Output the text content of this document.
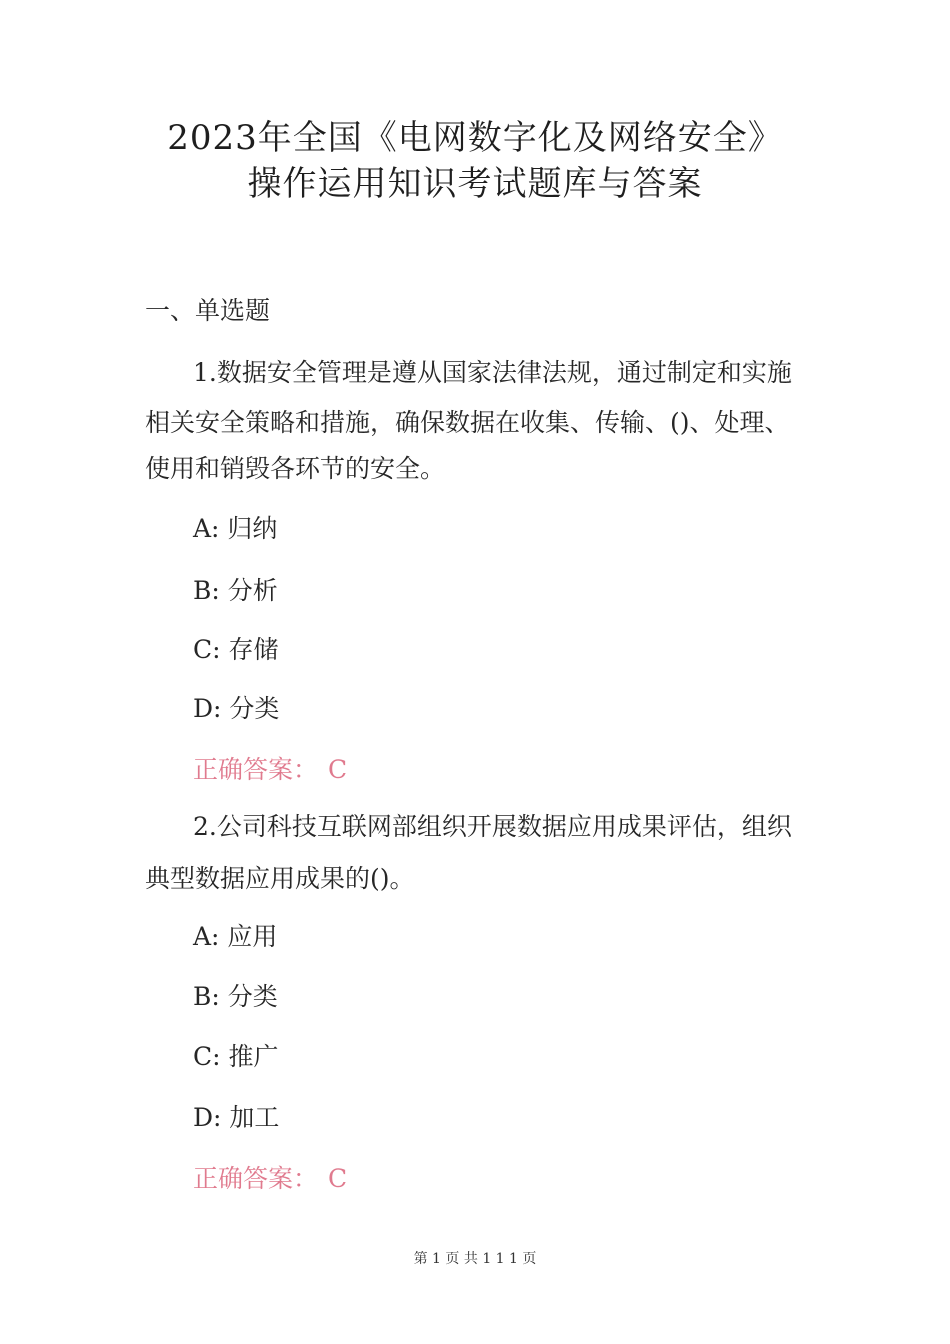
2023年全国《电网数字化及网络安全》
操作运用知识考试题库与答案
一、单选题
1.数据安全管理是遵从国家法律法规，通过制定和实施
相关安全策略和措施，确保数据在收集、传输、()、处理、
使用和销毁各环节的安全。
A: 归纳
B: 分析
C: 存储
D: 分类
正确答案： C
2.公司科技互联网部组织开展数据应用成果评估，组织
典型数据应用成果的()。
A: 应用
B: 分类
C: 推广
D: 加工
正确答案： C
第 1 页 共 1 1 1 页
